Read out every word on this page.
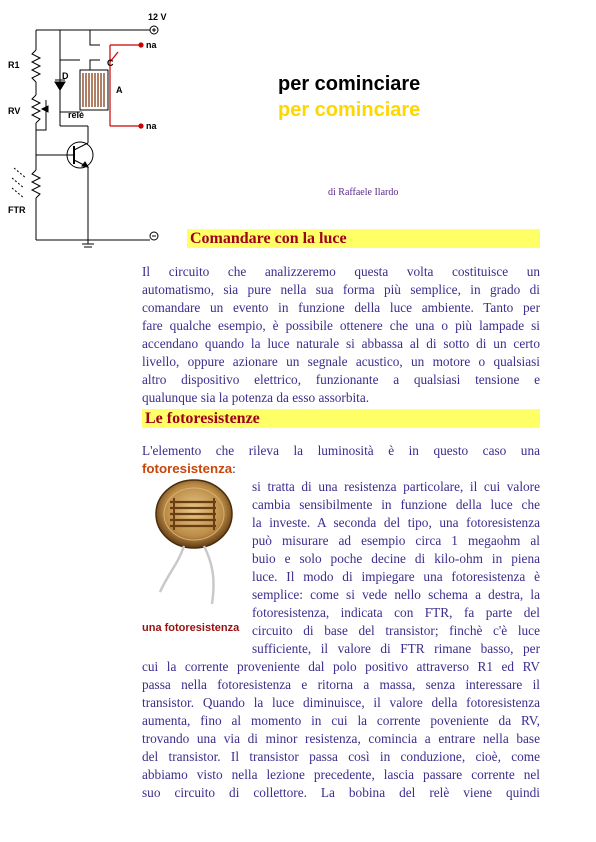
12 V
na
na
R1
RV
FTR
D
C
A
relè
per cominciare
per cominciare
di Raffaele Ilardo
Comandare con la luce
Il circuito che analizzeremo questa volta costituisce un
automatismo, sia pure nella sua forma più semplice, in grado di
comandare un evento in funzione della luce ambiente. Tanto per
fare qualche esempio, è possibile ottenere che una o più lampade si
accendano quando la luce naturale si abbassa al di sotto di un certo
livello, oppure azionare un segnale acustico, un motore o qualsiasi
altro dispositivo elettrico, funzionante a qualsiasi tensione e
qualunque sia la potenza da esso assorbita.
Le fotoresistenze
L'elemento che rileva la luminosità è in questo caso una
fotoresistenza:
una fotoresistenza
si tratta di una resistenza particolare, il cui valore
cambia sensibilmente in funzione della luce che
la investe. A seconda del tipo, una fotoresistenza
può misurare ad esempio circa 1 megaohm al
buio e solo poche decine di kilo-ohm in piena
luce. Il modo di impiegare una fotoresistenza è
semplice: come si vede nello schema a destra, la
fotoresistenza, indicata con FTR, fa parte del
circuito di base del transistor; finchè c'è luce
sufficiente, il valore di FTR rimane basso, per
cui la corrente proveniente dal polo positivo attraverso R1 ed RV
passa nella fotoresistenza e ritorna a massa, senza interessare il
transistor. Quando la luce diminuisce, il valore della fotoresistenza
aumenta, fino al momento in cui la corrente poveniente da RV,
trovando una via di minor resistenza, comincia a entrare nella base
del transistor. Il transistor passa così in conduzione, cioè, come
abbiamo visto nella lezione precedente, lascia passare corrente nel
suo circuito di collettore. La bobina del relè viene quindi
